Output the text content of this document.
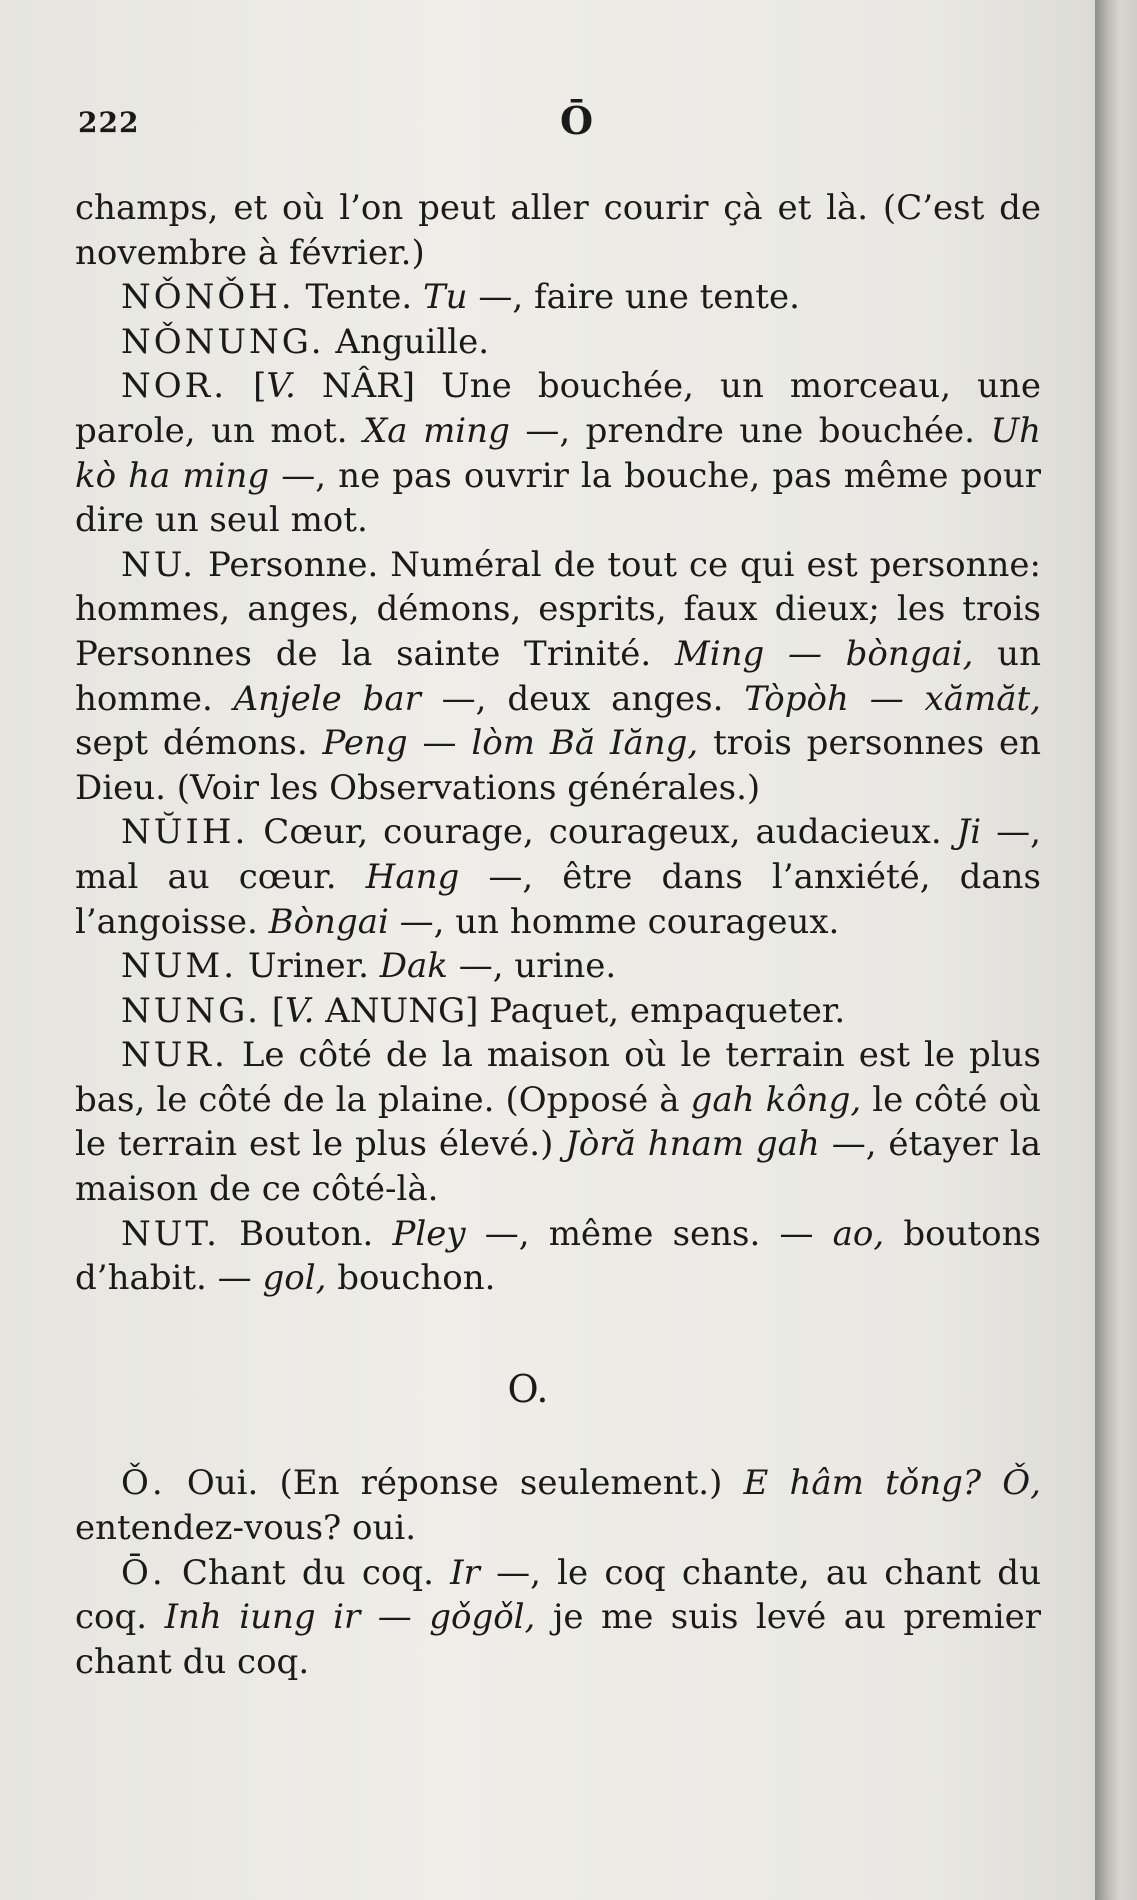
222	Ō

champs, et où l’on peut aller courir çà et là. (C’est de novembre à février.)

NǑNǑH. Tente. Tu —, faire une tente.

NǑNUNG. Anguille.

NOR. [V. NÂR] Une bouchée, un morceau, une parole, un mot. Xa ming —, prendre une bouchée. Uh kò ha ming —, ne pas ouvrir la bouche, pas même pour dire un seul mot.

NU. Personne. Numéral de tout ce qui est personne: hommes, anges, démons, esprits, faux dieux; les trois Personnes de la sainte Trinité. Ming — bòngai, un homme. Anjele bar —, deux anges. Tòpòh — xămăt, sept démons. Peng — lòm Bă Iăng, trois personnes en Dieu. (Voir les Observations générales.)

NŬIH. Cœur, courage, courageux, audacieux. Ji —, mal au cœur. Hang —, être dans l’anxiété, dans l’angoisse. Bòngai —, un homme courageux.

NUM. Uriner. Dak —, urine.

NUNG. [V. ANUNG] Paquet, empaqueter.

NUR. Le côté de la maison où le terrain est le plus bas, le côté de la plaine. (Opposé à gah kông, le côté où le terrain est le plus élevé.) Jòră hnam gah —, étayer la maison de ce côté-là.

NUT. Bouton. Pley —, même sens. — ao, boutons d’habit. — gol, bouchon.

O.

Ǒ. Oui. (En réponse seulement.) E hâm tǒng? Ǒ, entendez-vous? oui.

Ō. Chant du coq. Ir —, le coq chante, au chant du coq. Inh iung ir — gǒgǒl, je me suis levé au premier chant du coq.
